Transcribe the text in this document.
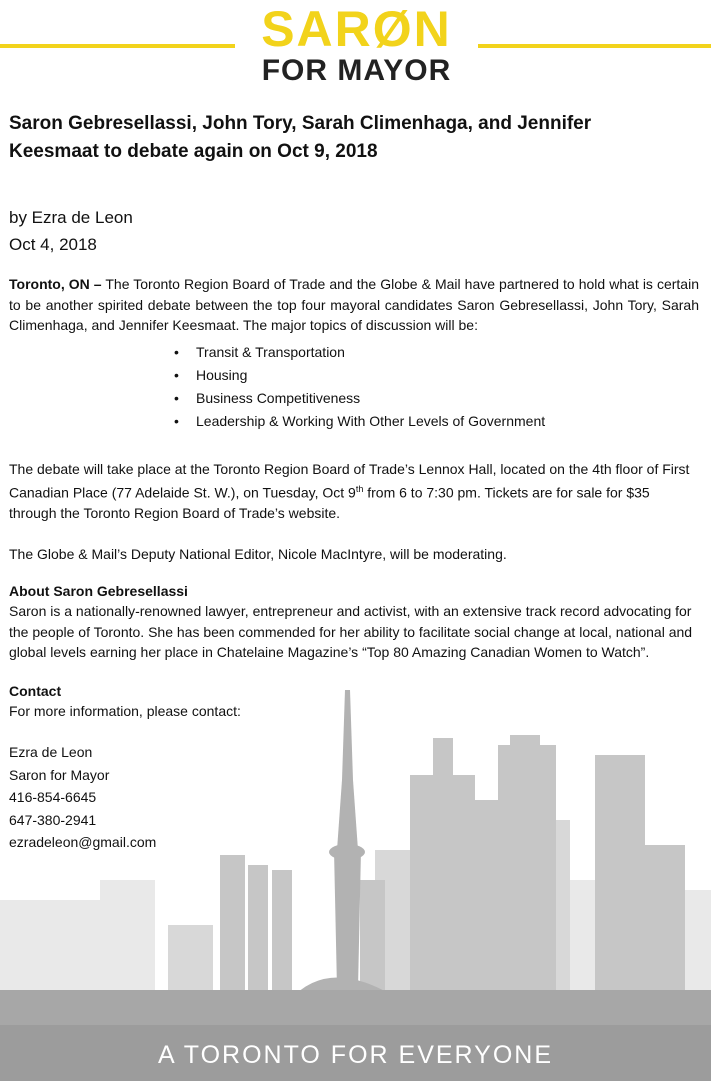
SARØN
FOR MAYOR
Saron Gebresellassi, John Tory, Sarah Climenhaga, and Jennifer
Keesmaat to debate again on Oct 9, 2018
by Ezra de Leon
Oct 4, 2018

Toronto, ON – The Toronto Region Board of Trade and the Globe & Mail have partnered to hold what is certain to be another spirited debate between the top four mayoral candidates Saron Gebresellassi, John Tory, Sarah Climenhaga, and Jennifer Keesmaat. The major topics of discussion will be:

• Transit & Transportation
• Housing
• Business Competitiveness
• Leadership & Working With Other Levels of Government

The debate will take place at the Toronto Region Board of Trade’s Lennox Hall, located on the 4th floor of First Canadian Place (77 Adelaide St. W.), on Tuesday, Oct 9th from 6 to 7:30 pm. Tickets are for sale for $35 through the Toronto Region Board of Trade’s website.

The Globe & Mail’s Deputy National Editor, Nicole MacIntyre, will be moderating.

About Saron Gebresellassi

Saron is a nationally-renowned lawyer, entrepreneur and activist, with an extensive track record advocating for the people of Toronto. She has been commended for her ability to facilitate social change at local, national and global levels earning her place in Chatelaine Magazine’s “Top 80 Amazing Canadian Women to Watch”.

Contact
For more information, please contact:
Ezra de Leon
Saron for Mayor
416-854-6645
647-380-2941
ezradeleon@gmail.com
A TORONTO FOR EVERYONE
